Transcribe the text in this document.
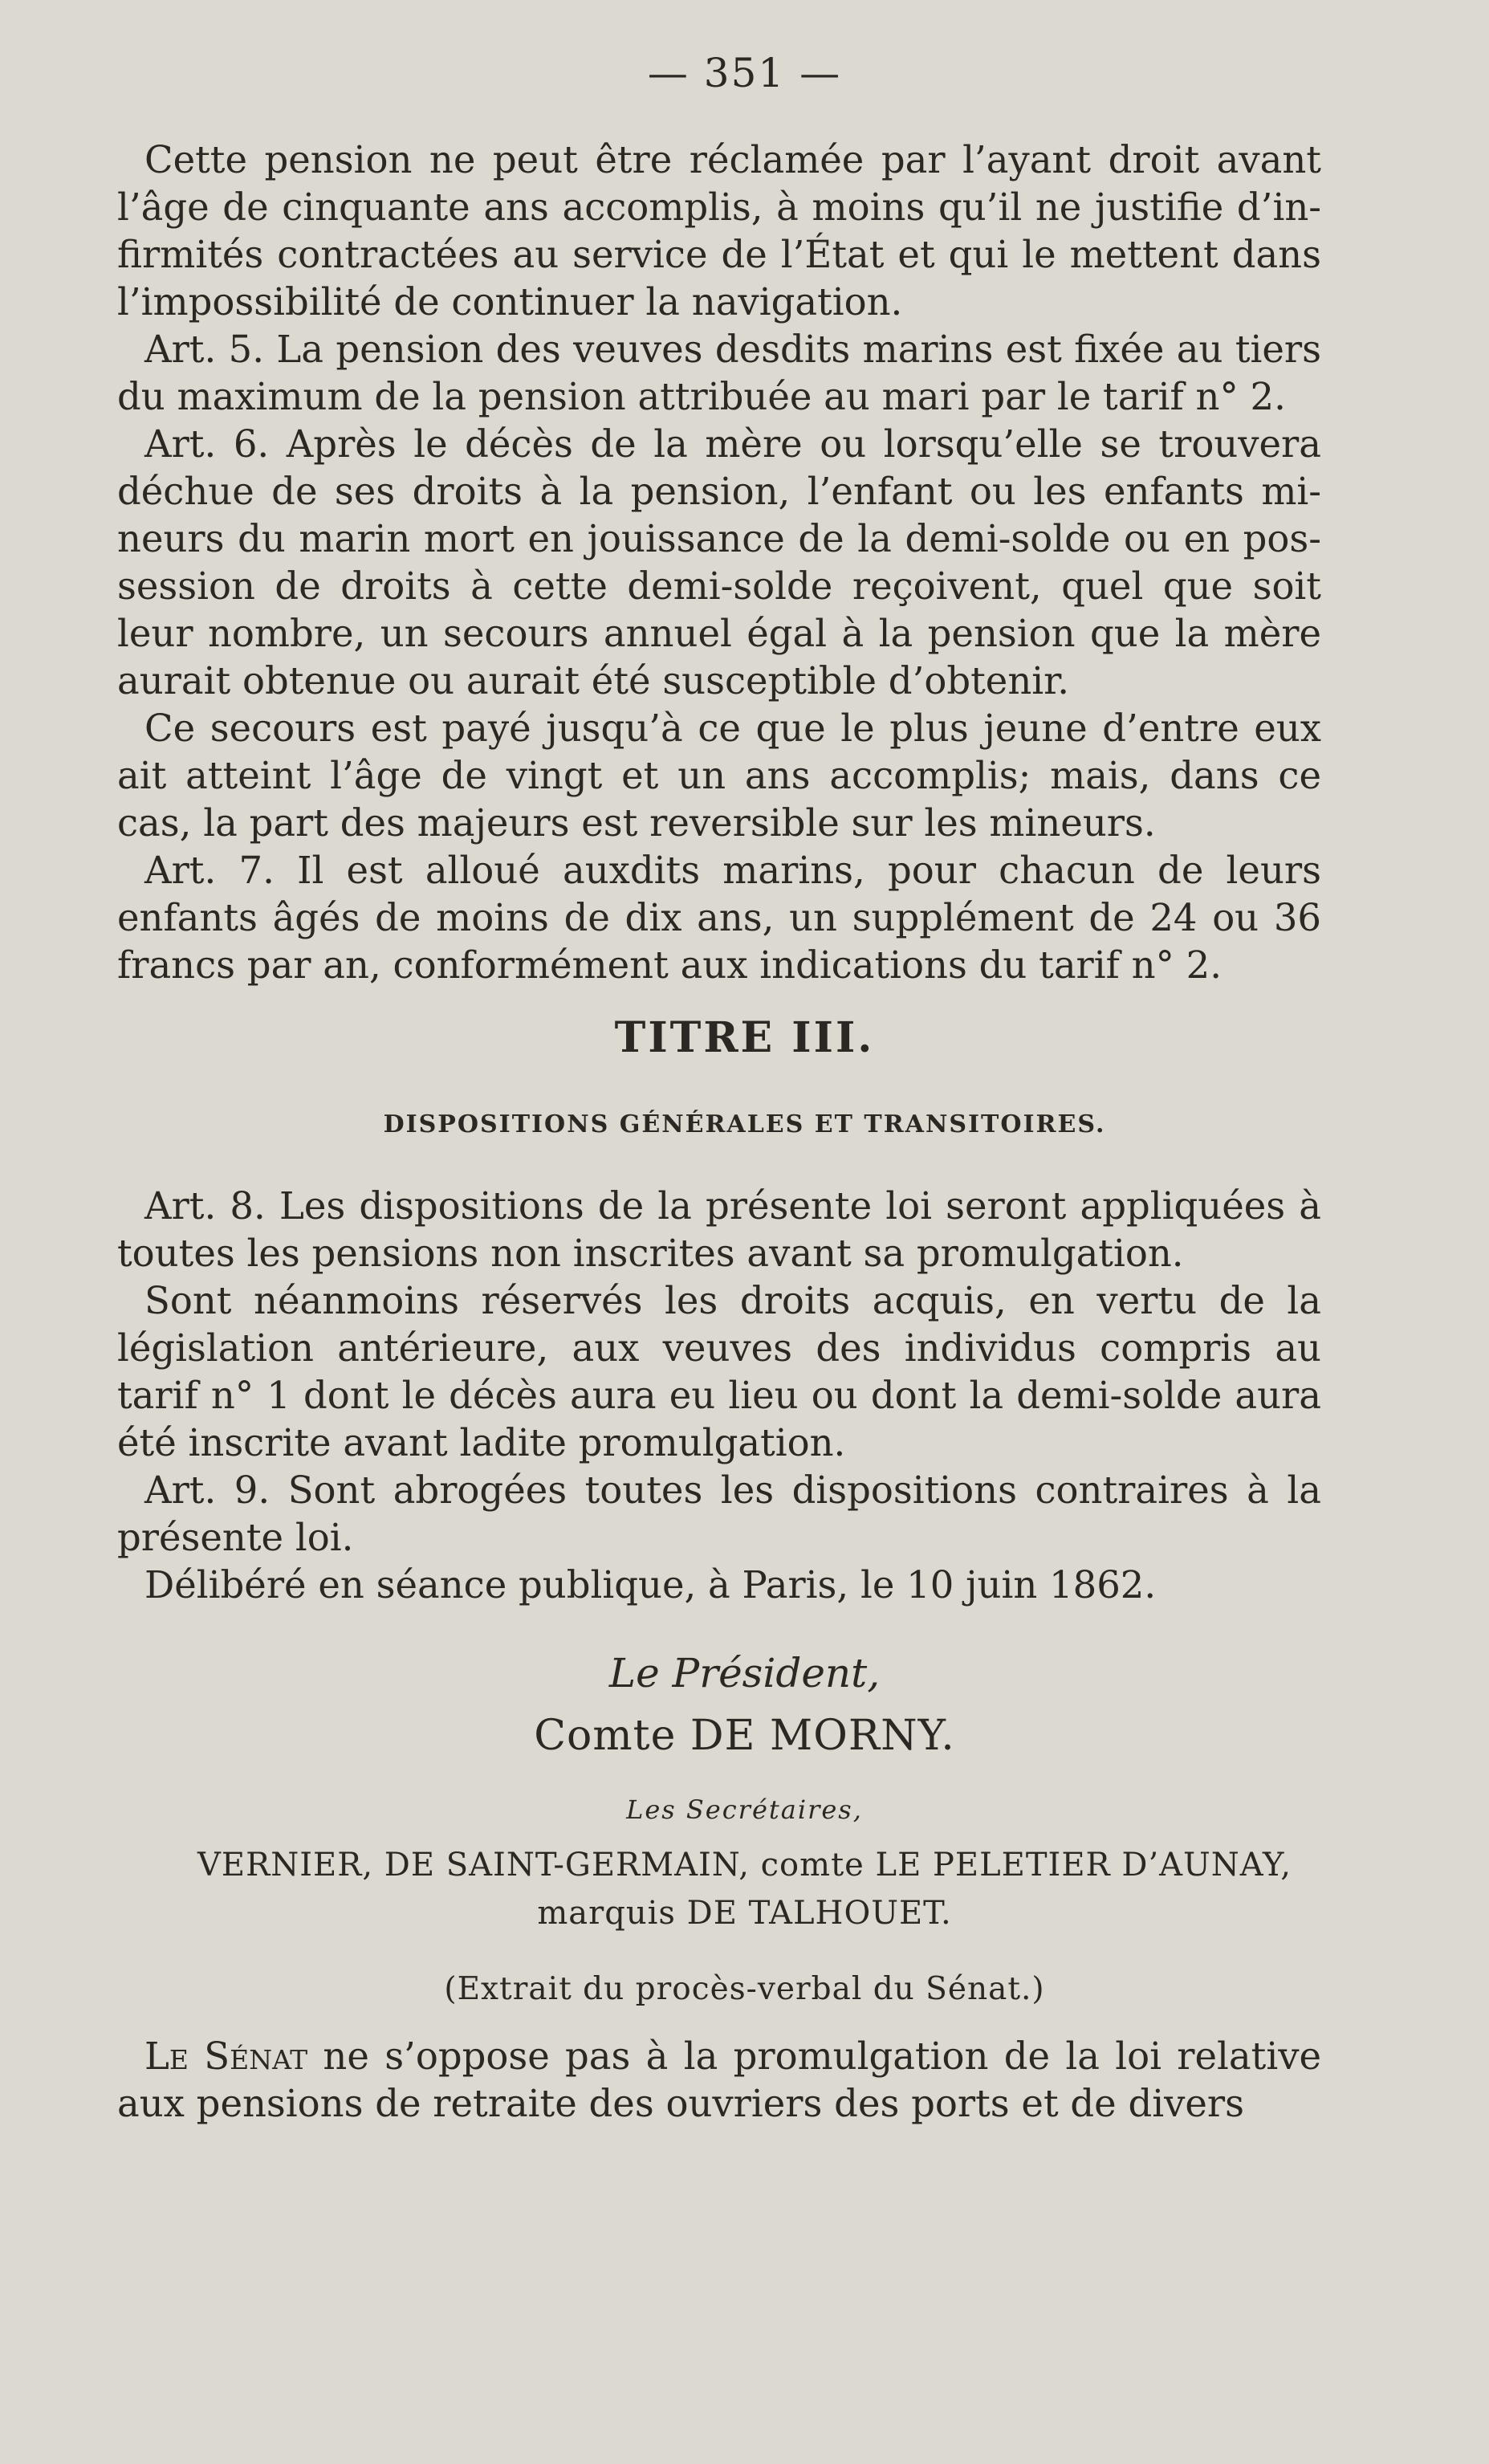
— 351 —

Cette pension ne peut être réclamée par l’ayant droit avant l’âge de cinquante ans accomplis, à moins qu’il ne justifie d’in-firmités contractées au service de l’État et qui le mettent dans l’impossibilité de continuer la navigation.

Art. 5. La pension des veuves desdits marins est fixée au tiers du maximum de la pension attribuée au mari par le tarif n° 2.

Art. 6. Après le décès de la mère ou lorsqu’elle se trouvera déchue de ses droits à la pension, l’enfant ou les enfants mi-neurs du marin mort en jouissance de la demi-solde ou en pos-session de droits à cette demi-solde reçoivent, quel que soit leur nombre, un secours annuel égal à la pension que la mère aurait obtenue ou aurait été susceptible d’obtenir.

Ce secours est payé jusqu’à ce que le plus jeune d’entre eux ait atteint l’âge de vingt et un ans accomplis; mais, dans ce cas, la part des majeurs est reversible sur les mineurs.

Art. 7. Il est alloué auxdits marins, pour chacun de leurs enfants âgés de moins de dix ans, un supplément de 24 ou 36 francs par an, conformément aux indications du tarif n° 2.

TITRE III.
DISPOSITIONS GÉNÉRALES ET TRANSITOIRES.

Art. 8. Les dispositions de la présente loi seront appliquées à toutes les pensions non inscrites avant sa promulgation.

Sont néanmoins réservés les droits acquis, en vertu de la législation antérieure, aux veuves des individus compris au tarif n° 1 dont le décès aura eu lieu ou dont la demi-solde aura été inscrite avant ladite promulgation.

Art. 9. Sont abrogées toutes les dispositions contraires à la présente loi.

Délibéré en séance publique, à Paris, le 10 juin 1862.

Le Président,

Comte DE MORNY.

Les Secrétaires,

VERNIER, DE SAINT-GERMAIN, comte LE PELETIER D’AUNAY,
marquis DE TALHOUET.

(Extrait du procès-verbal du Sénat.)

Le Sénat ne s’oppose pas à la promulgation de la loi relative aux pensions de retraite des ouvriers des ports et de divers
